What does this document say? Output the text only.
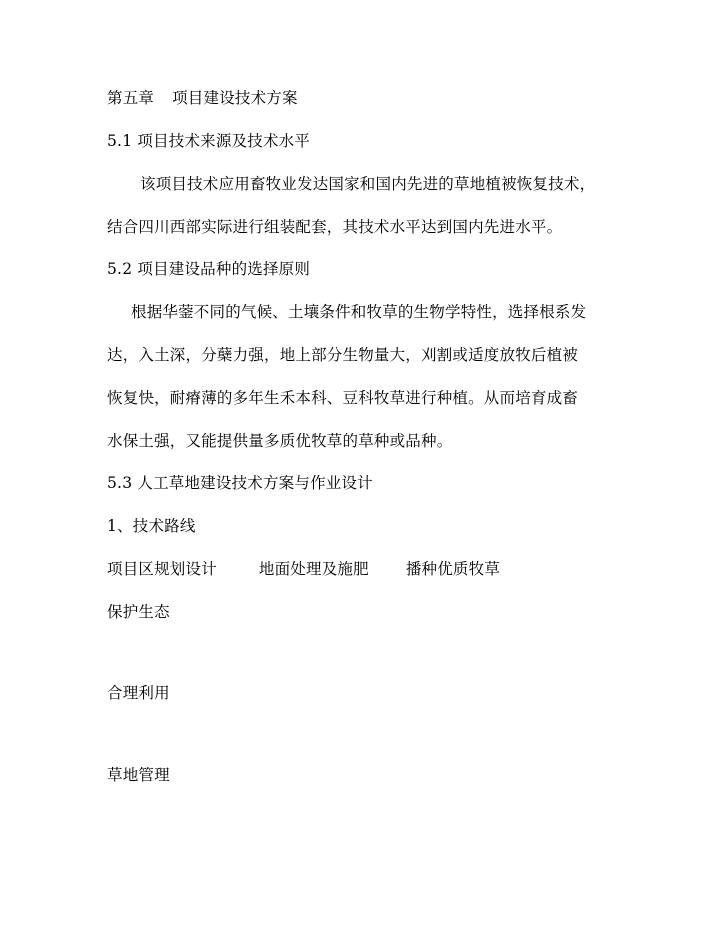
第五章 项目建设技术方案
5.1 项目技术来源及技术水平
该项目技术应用畜牧业发达国家和国内先进的草地植被恢复技术，
结合四川西部实际进行组装配套，其技术水平达到国内先进水平。
5.2 项目建设品种的选择原则
根据华蓥不同的气候、土壤条件和牧草的生物学特性，选择根系发
达，入土深，分蘖力强，地上部分生物量大，刈割或适度放牧后植被
恢复快，耐瘠薄的多年生禾本科、豆科牧草进行种植。从而培育成畜
水保土强，又能提供量多质优牧草的草种或品种。
5.3 人工草地建设技术方案与作业设计
1、技术路线
项目区规划设计	地面处理及施肥 播种优质牧草
保护生态
合理利用
草地管理
